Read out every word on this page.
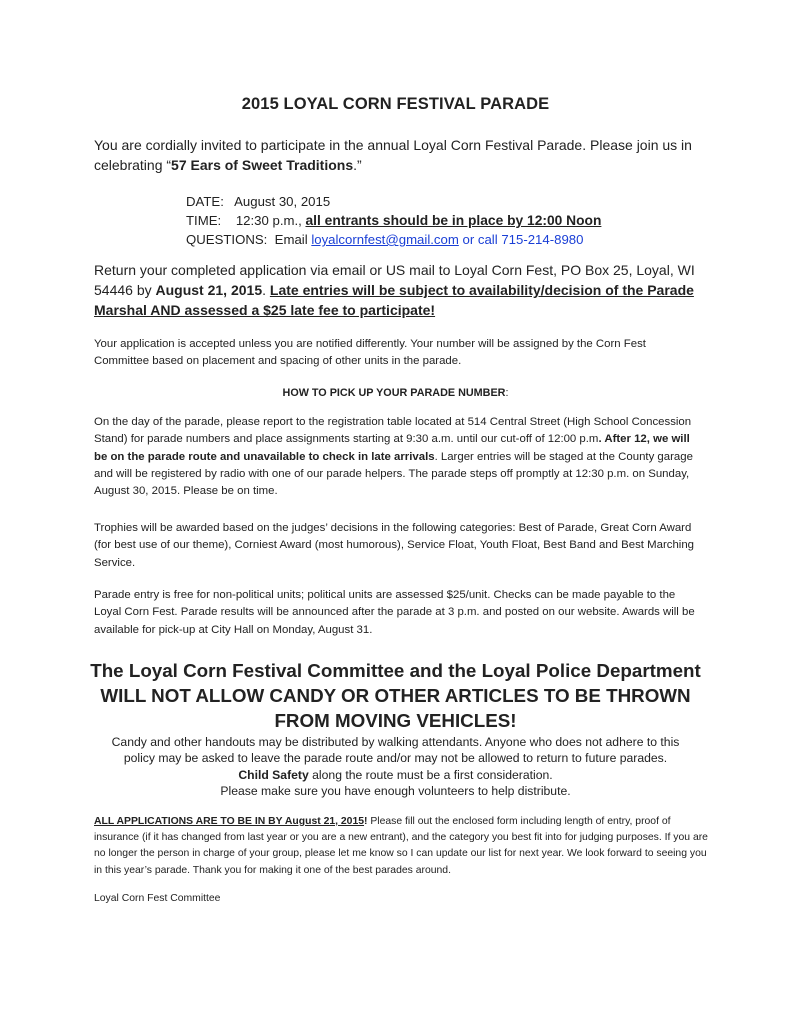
2015 LOYAL CORN FESTIVAL PARADE
You are cordially invited to participate in the annual Loyal Corn Festival Parade. Please join us in celebrating “57 Ears of Sweet Traditions.”
DATE: August 30, 2015
TIME: 12:30 p.m., all entrants should be in place by 12:00 Noon
QUESTIONS: Email loyalcornfest@gmail.com or call 715-214-8980
Return your completed application via email or US mail to Loyal Corn Fest, PO Box 25, Loyal, WI 54446 by August 21, 2015. Late entries will be subject to availability/decision of the Parade Marshal AND assessed a $25 late fee to participate!
Your application is accepted unless you are notified differently. Your number will be assigned by the Corn Fest Committee based on placement and spacing of other units in the parade.
HOW TO PICK UP YOUR PARADE NUMBER:
On the day of the parade, please report to the registration table located at 514 Central Street (High School Concession Stand) for parade numbers and place assignments starting at 9:30 a.m. until our cut-off of 12:00 p.m. After 12, we will be on the parade route and unavailable to check in late arrivals. Larger entries will be staged at the County garage and will be registered by radio with one of our parade helpers. The parade steps off promptly at 12:30 p.m. on Sunday, August 30, 2015. Please be on time.
Trophies will be awarded based on the judges’ decisions in the following categories: Best of Parade, Great Corn Award (for best use of our theme), Corniest Award (most humorous), Service Float, Youth Float, Best Band and Best Marching Service.
Parade entry is free for non-political units; political units are assessed $25/unit. Checks can be made payable to the Loyal Corn Fest. Parade results will be announced after the parade at 3 p.m. and posted on our website. Awards will be available for pick-up at City Hall on Monday, August 31.
The Loyal Corn Festival Committee and the Loyal Police Department
WILL NOT ALLOW CANDY OR OTHER ARTICLES TO BE THROWN
FROM MOVING VEHICLES!
Candy and other handouts may be distributed by walking attendants. Anyone who does not adhere to this
policy may be asked to leave the parade route and/or may not be allowed to return to future parades.
Child Safety along the route must be a first consideration.
Please make sure you have enough volunteers to help distribute.
ALL APPLICATIONS ARE TO BE IN BY August 21, 2015! Please fill out the enclosed form including length of entry, proof of insurance (if it has changed from last year or you are a new entrant), and the category you best fit into for judging purposes. If you are no longer the person in charge of your group, please let me know so I can update our list for next year. We look forward to seeing you in this year’s parade. Thank you for making it one of the best parades around.
Loyal Corn Fest Committee
